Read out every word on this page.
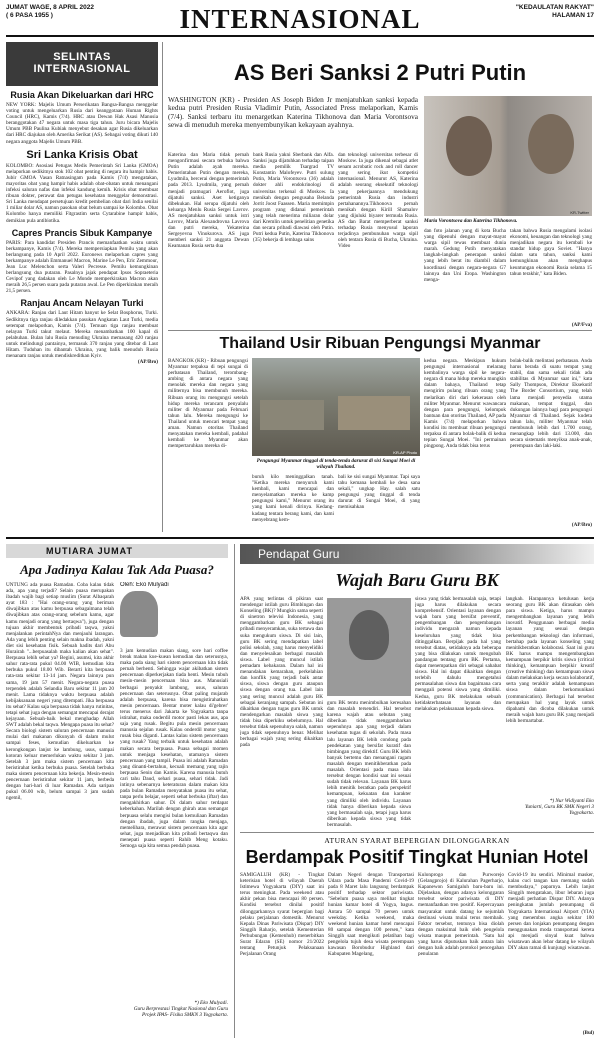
JUMAT WAGE, 8 APRIL 2022
( 6 PASA 1955 )	INTERNASIONAL	"KEDAULATAN RAKYAT"
HALAMAN 17
SELINTAS
INTERNASIONAL
Rusia Akan Dikeluarkan dari HRC
NEW YORK: Majelis Umum Perserikatan Bangsa-Bangsa menggelar voting untuk mengeluarkan Rusia dari keanggotaan Human Rights Council (HRC), Kamis (7/4). HRC atau Dewan Hak Asasi Manusia beranggotakan 47 negara untuk masa tiga tahun. Juru bicara Majelis Umum PBB Paulina Kubiak menyebut desakan agar Rusia dikeluarkan dari HRC diajukan oleh Amerika Serikat (AS). Sebagai voting dikuti 140 negara anggota Majelis Umum PBB.
Sri Lanka Krisis Obat
KOLOMBO: Asosiasi Petugas Medis Pemerintah Sri Lanka (GMOA) melaporkan sedikitnya stok 102 obat penting di negara itu hampir habis. Jubir GMOA Vasan Ratnasingam pada Kamis (7/4) mengatakan, mayoritas obat yang hampir habis adalah obat-obatan untuk menangani infeksi saluran nafas dan infeksi kandung kemih. Krisis obat membuat ribuan dokter, perawat dan petugas kesehatan menggelar demonstrasi. Sri Lanka mendapat persetujuan kredit pembelian obat dari India senilai 1 miliar dolar AS, namun pasokan obat belum sampai ke Kolombo. Obat Kolombo hanya memiliki Fitgrastim serta Cytarabine hampir habis, demikian pula antibiotika.
Capres Prancis Sibuk Kampanye
PARIS: Para kandidat Presiden Prancis memanfaatkan waktu untuk berkampanye, Kamis (7/4). Mereka mempersiapkan Pemilu yang akan berlangsung pada 10 April 2022. Euronews melaporkan capres yang berkampanye adalah Emmanuel Macron, Marine Le Pen, Eric Zemmour, Jean Luc Melenchon serta Valeri Pecresse. Pemilu kemungkinan berlangsung dua putaran. Pasalnya jajak pendapat Ipsos Sopraeteria Cevipof yang dadakan oleh Le Monde memperkirakan Macron akan meraih 26,5 persen suara pada putaran awal. Le Pen diperkirakan meraih 21,5 persen.
Ranjau Ancam Nelayan Turki
ANKARA: Ranjau dari Laut Hitam hanyut ke Selat Bosphorus, Turki. Sedikitnya tiga ranjau diledakkan pasukan Angkatan Laut Turki, media setempat melaporkan, Kamis (7/4). Temuan tiga ranjau membuat nelayan Turki takut melaut. Mereka menambatkan 100 kapal di pelabuhan. Bulan lalu Rusia menuding Ukraina memasang 420 ranjau untuk melindungi pantainya, termasuk 370 ranjau yang ditebar di Laut Hitam. Tuduhan itu dibantah Ukraina, yang balik menuduh Rusia menanam ranjau untuk mendiskreditkan Kyiv.
(AP/Bro)
AS Beri Sanksi 2 Putri Putin
WASHINGTON (KR) - Presiden AS Joseph Biden Jr menjatuhkan sanksi kepada kedua putri Presiden Rusia Vladimir Putin, Associated Press melaporkan, Kamis (7/4). Sanksi terbaru itu menargetkan Katerina Tikhonova dan Maria Vorontsova sewa di menuduh mereka menyembunyikan kekayaan ayahnya.
Katerina dan Maria tidak pernah mengonfirmasi secara terbuka bahwa Putin adalah ayah mereka. Pemerintahan Putin dengan mereka, Lyudmila, bercerai dengan pemerintah pada 2013. Lyudmila, yang pernah menjadi pramugari Aeroflot, juga dijatuhi sanksi. Aset ketiganya dibekukan. Hal serupa dijatuhi oleh keluarga Menlu Rusia Sergei Lavrov. AS menjatuhkan sanksi untuk istri Lavrov, Maria Alexandrovna Lavrova dan putri mereka, Yekaterina Sergeyevna Vinokurova. AS juga memberi sanksi 21 anggota Dewan Keamanan Rusia serta dua
bank Rusia yakni Sberbank dan Alfa. Sanksi juga dijatuhkan terhadap taipan media pemilik Tsargrad TV Konstantin Malofeyev. Putri sulung Putin, Maria Vorontsova (36) adalah dokter ahli endokrinologi di universitas terkenal di Moskow. Ia menikah dengan pengusaha Belanda Jorrit Joost Faassen. Maria memimpin program yang didanai pemerintah yang telah menerima miliaran dolar dari Kremlin untuk penelitian genetika dan secara pribadi diawasi oleh Putin. Putri kedua Putin, Katerina Tikhonova (35) bekerja di lembaga sains
dan teknologi universitas terbesar di Moskow. Ia juga dikenal sebagai atlet senam acrobatic rock and roll dancer yang sering ikut kompetisi internasional. Menurut AS, Katerina adalah seorang eksekutif teknologi yang pekerjaannya mendukung pemerintah Rusia dan industri pertahanannya.Tikhonova pernah menikah dengan Kirill Shamalov yang dijuluki biyarer termuda Rusia. AS dan Barat memperberat sanksi terhadap Rusia menyusul laporan terjadinya pembunuhan warga sipil oleh tentara Rusia di Bucha, Ukraina. Video
KR-Twitter
Maria Vorontsova dan Katerina Tikhonova.
dan foto jalanan yang di kota Bucha yang dipenuhi dengan mayat-mayat warga sipil tewas membuat dunia marah. Gedung Putih menyatakan langkah-langkah penerapan sanksi yang lebih berat itu diambil dalam koordinasi dengan negara-negara G7 lainnya dan Uni Eropa. Washington menga-
takan bahwa Rusia mengalami isolasi ekonomi, keuangan dan teknologi yang menjadikan negara itu kembali ke standar hidup gaya Soviet. "Hanya dalam satu tahun, sanksi kami kemungkinan akan menghapus keuntungan ekonomi Rusia selama 15 tahun terakhir," kata Biden.
(AP/Fva)
Thailand Usir Ribuan Pengungsi Myanmar
BANGKOK (KR) - Ribuan pengungsi Myanmar terpaksa di tepi sungai di perbatasan Thailand, terombang-ambing di antara negara yang menolak mereka dan negara yang militernya bisa membunuh mereka. Ribuan orang itu mengungsi setelah hidup mereka terancam penyalalu militer di Myanmar pada Februari tahun lalu. Mereka mengungsi ke Thailand untuk mencari tempat yang aman. Namun otoritas Thailand menyatakan mereka kembali, padahal kembali ke Myanmar akan mempertaruhkan mereka di-
KR-AP Photo
Pengungsi Myanmar tinggal di tenda-tenda darurat di sisi Sungai Moei di wilayah Thailand.
buruh kilo meninggalkan tanah. "Ketika mereka menyuruh kami kembali, kami mencapai dan menyelamatkan mereka ke kamp pengungsi kami," Menurut orang itu yang kami kenali dirinya. Kedang-kadang tentara berang kami, dan kami menyebrang kem-
bali ke sisi sungai Myanmar. Tapi saya tahu kemana kembali ke desa sana sekali," ungkap Hay. salah satu pengungsi yang tinggal di tenda darurat di Sungai Moei, di yang memisahkan
kedua negara. Meskipun hukum pengungsi internasional melarang kembalinya warga sipil ke negara-negara di mana hidup mereka mungkin dalam bahaya, Thailand tetap mengirim pulang ribuan orang yang melarikan diri dari kekerasan oleh militer Myanmar. Menurut wawancara dengan para pengungsi, kelompok bantuan dan otoritas Thailand, AP pada Kamis (7/4) melaporkan bahwa kondisi itu membuat ribuan pengungsi terpaksa di antara bolak-balik di kedua tepian Sungai Moei. "Ini permainan pingpong. Anda tidak bisa terus
bolak-balik melintasi perbatasan. Anda harus berada di suatu tempat yang stabil, dan sama sekali tidak ada stabilitas di Myanmar saat ini," kata Sally Thompson, Direktur Eksekutif The Border Consortium, yang telah lama menjadi penyedia utama makanan, tempat tinggal, dan dukungan lainnya bagi para pengungsi Myanmar di Thailand. Sejak kudeta tahun lalu, militer Myanmar telah membunuh lebih dari 1.700 orang, menangkap lebih dari 13.000, dan secara sistematis menyiksa anak-anak, perempuan dan laki-laki.
(AP/Bro)
MUTIARA JUMAT
Apa Jadinya Kalau Tak Ada Puasa?
UNTUNG ada puasa Ramadan. Coba kalau tidak ada, apa yang terjadi? Selain puasa merupakan ibadah wajib bagi setiap muslim (Surat Albaqarah ayat 183 : "Hai orang-orang yang beriman diwajibkan atas kamu berpuasa sebagaimana telah diwajibkan atas orang-orang sebelum kamu, agar kamu menjadi orang yang bertaqwa"), juga dengan tujuan akhir membentuk pribadi taqwa, yakni menjalankan perintahNya dan menjauhi larangan. Ada yang lebih penting selain makna ibadah, yakni diet sisi kesehatan fisik. Sebuah hadits dari Abu Hurairah "...berpuasalah maka kalian akan sehat". Berpuasa lebih sehat ya? Begini, asumsi, kita akhir sahur rata-rata pukul 04.00 WIB, kemudian kita berbuka pukul 18.00 Wib. Berarti kita berpuasa rata-rata sekitar 13-14 jam. Negara lainnya pun sama, 19 jam 57 menit. Negara-negara puasa terpendek adalah Selandia Baru sekitar 11 jam 20 menit. Lama tidaknya waktu berpuasa adalah kebijaksanaan negeri yang ditempati. Jika berpuasa itu sehat? Kalau saja berpuasa tidak hanya rutinitas, tetapi sehat juga dengan semangat mencapai derajat kejayaan. Sebuah-baik bekal menghadap Allah SWT adalah bekal taqwa. Mengapa puasa itu sehat? Secara biologi sistem saluran pencernaan manusia mulai dari makanan dikunyah di dalam mulut sampai feses, kemudian dikeluarkan ke kerongkongan lanjut ke lambung, usus, sampai kotoran keluar memerlukan waktu sekitar 3 jam. Setelah 3 jam maka sistem pencernaan kita beristirahat ketika berbuka puasa. Setelah berbuka maka sistem pencernaan kita bekerja. Mesin-mesin pencernaan beristirahat sekitar 11 jam, berbeda dengan hari-hari di luar Ramadan. Ada saripan pukul 06.00 wib, belum sampai 3 jam sudah ngemil,
Oleh: Eko Mulyadi
3 jam kemudian makan siang, sore hari coffee break makan kue-kuean kemudian dan seterusnya, maka pada siang hari sistem pencernaan kita tidak pernah berhenti. Sehingga wajar akibatkan sistem pencernaan diperkerjakan tiada henti. Mesin tubuh mesin-mesin pencernaan bisa aus. Manusiali berbagai penyakit lambung, usus, saluran pencernaan dan seterusnya. Obat paling mujarab adalah berpuasa, karena bisa mengistirahatkan mesin pencernaan. Bentar moter kalau di'gebrer' terus menerus dari Jakarta ke Yogyakarta tanpa istirahat, maka onderdil motor pasti lekas aus, apa saja yang rusak. Begitu pula mesin pencernaan manusia sejalan rusak. Kalau onderdil motor yang rusak bisa diganti. Lantas kalau sistem pencernaan yang rusak? Yang terbaik untuk kesehatan adalah makan secara berpuasa. Puasa sebagai momen untuk menjaga kesehatan, utamanya sistem pencernaan yang tampil. Puasa ini adalah Ramadan yang dinanti-bertahun, kecuali memang yang rajin berpuasa Senin dan Kamis. Karena manusia butuh cari tahu Daud, sehari puasa, sehari tidak. Jadi intinya sebenarnya keteraturan dalam makan kita pada bulan Ramadan menyatakan puasa itu sehat, tanpa perlu belajar, seperti sehat berbuka (iftar) dan mengakhirkan sahur. Di dalam sahur terdapat keberkahan. Marilah dengan ghirah atau semangat berpuasa selalu mengisi bulan kemuliaan Ramadan dengan ibadah, juga dalam rangka menjaga, memelihara, merawat sistem pencernaan kita agar sehat, juga menjadikan kita pribadi bertaqwa dan menepati puasa seperti Rahib Meng kotaku. Semoga saja kita semua pendah puasa.
*) Eko Mulyadi.
Guru Berprestasi Tingkat Nasional dan Guru Projek IPAS- Fisika SMKN 3 Yogyakarta.
Pendapat Guru
Wajah Baru Guru BK
APA yang terlintas di pikiran saat mendengar istilah guru Bimbingan dan Konseling (BK)? Mungkin sama seperti di sinetron televisi Indonesia, yang menggambarkan guru BK sebagai pribadi menyeramkan, suka tertawa dan suka mengukum siswa. Di sisi lain, guru BK sering mendapatkan label polisi sekolah, yang harus menyelidiki dan menyelesaikan berbagai masalah siswa. Label yang muncul istilah pemadam kebakaran. Dalam hal ini menandakan kemarahan, perkelahian dan konflik yang terjadi baik antar siswa, siswa dengan guru ataupun siswa dengan orang tua. Label lain yang sering muncul adalah guru BK sebagai keranjang sampah. Sebutan ini dikaitkan dengan tugas guru BK untuk mendengarkan masalah siswa yang tidak bisa diperkiku sebelumnya. Hal tersebut tidak sepenuhnya salah, namun juga tidak sepenuhnya benar. Melihat berbagai wajah yang sering dikaitkan pada
guru BK tentu menimbulkan keresahan dan masalah tersendiri. Hal tersebut karena wajah atau sebutan yang diberikan tidak menggambarkan sepenuhnya apa yang terjadi dalam kesehatan tugas di sekolah. Pada masa lalu layanan BK lebih condong pada pendekatan yang bersifat kuratif dan bimbingan yang direktif. Guru BK lebih banyak bertemu dan menangani ragam masalah dengan menitikberatkan pada masalah. Orientasi pada masa lalu tersebut dengan kondisi saat ini sesuai sudah tidak relevan. Layanan BK harus lebih menitik beratkan pada perspektif kemampuan, kekuatan dan karakter yang dimiliki oleh individu. Layanan tidak hanya diberikan kepada siswa yang bermasalah saja, tetapi juga harus diberikan kepada siswa yang tidak bermasalah.
siswa yang tidak bermasalah saja, tetapi juga harus dilakukan secara komprehensif. Orientasi layanan dengan wajah baru yang bersifat preventif, pengembangan dan pengembangan individu mengarah namun kepada keseluruhan yang tidak bisa ditinggalkan. Berpijak pada hal yang tersebut diatas, setidaknya ada beberapa yang bisa dilakukan untuk mengubah pandangan tentang guru BK. Pertama, dapat menempatkan diri sebagai sahabat siswa. Hal ini dapat dikaitkan dengan terlebih dahulu mengetahui permasalahan siswa dan bagaimana cara menggali potensi siswa yang dimiliki. Kedua, guru BK melakukan sebuah ketidakterbatasan layanan dan melakukan pelaksanaan kepada siswa.
langkah. Harapannya ketulusan kerja seorang guru BK akan dirasakan oleh para siswa. Ketiga, harus mampu mengembangkan layanan yang lebih inovatif. Penggunaan berbagai media layanan yang sesuai dengan perkembangan teknologi dan informasi, bertahap pada layanan konseling yang menitikberatkan kolaborasi. Saat ini guru BK harus mampu mengembangkan kemampuan berpikir kritis siswa (critical thinking), kemampuan berpikir kreatif (creative thinking) dan kemampuan siswa dalam melakukan kerja secara kolaboratif, serta yang terakhir adalah kemampuan siswa dalam berkomunikasi (communication). Berbagai hal tersebut merupakan hal yang layak untuk dipahami dan dicoba dilakukan untuk meraih wajah baru guru BK yang menjadi lebih bermartabat.
*) Nur Widiyanti Eko
Yuniarti, Guru BK SMK Negeri 3 Yogyakarta.
ATURAN SYARAT BEPERGIAN DILONGGARKAN
Berdampak Positif Tingkat Hunian Hotel
SAMIGALUH (KR) - Tingkat keterisian hotel di wilayah Daerah Istimewa Yogyakarta (DIY) saat ini terus meningkat. Pada weekend atau akhir pekan bisa mencapai 80 persen. Kondisi tersebut dinilai positif dilonggarkannya syarat bepergian bagi pelaku perjalanan domestik. Menurut Kepala Dinas Pariwisata (Dispar) DIY Singgih Raharjo, setelah Kementerian Perhubungan (Kemenhub) menerbitkan Surat Edaran (SE) nomor 21/2022 tentang Petunjuk Pelaksanaan Perjalanan Orang
Dalam Negeri dengan Transportasi Udara pada Masa Pandemi Covid-19 pada 8 Maret lalu langsung berdampak positif terhadap sektor pariwisata. "Sebelum puasa saya melihat tingkat hunian kamar hotel di Yogya, bagus. Antara 50 sampai 70 persen untuk weekday. Ketika weekend, maka weekend hunian kamar hotel mencapai 80 sampai dengan 100 persen," kata Singgih saat mengikuti pelatihan bagi pengelola tujuh desa wisata perempuan kawasan Borobudur Highland dari Kabupaten Magelang,
Kulonprogo dan Purworejo (Gelangprojo) di Kalurahan Pagerharjo, Kapanewon Samigaluh baru-baru ini. Dijelaskan, dengan adanya kelonggaran tersebut sektor pariwisata di DIY memanfaatkan tren positif. Kepercayaan masyarakat untuk datang ke sejumlah destinasi wisata mulai terus membaik. Faktor tersebut, tentunya bisa diolah dengan maksimal baik oleh pengelola wisata maupun pemerintah. "Satu hal yang harus diputuskan baik antara lain dengan baik adalah protokol pencegahan penularan
Covid-19 itu sendiri. Minimal masker, kalau cuci tangan kan memang sudah membudaya," paparnya. Lebih lanjut Singgih mengatakan, libur lebaran juga menjadi perhatian Dispar DIY. Adanya peningkatan jumlah penumpang di Yogyakarta International Airport (YIA) yang menembus angka sekitar 100 persen dan lonjakan penumpang dengan menggunakan moda transportasi kereta api menjadi sinyal kuat bahwa wisatawan akan lebar datang ke wilayah DIY akan ramai di kunjungi wisatawan.
(Bul)
